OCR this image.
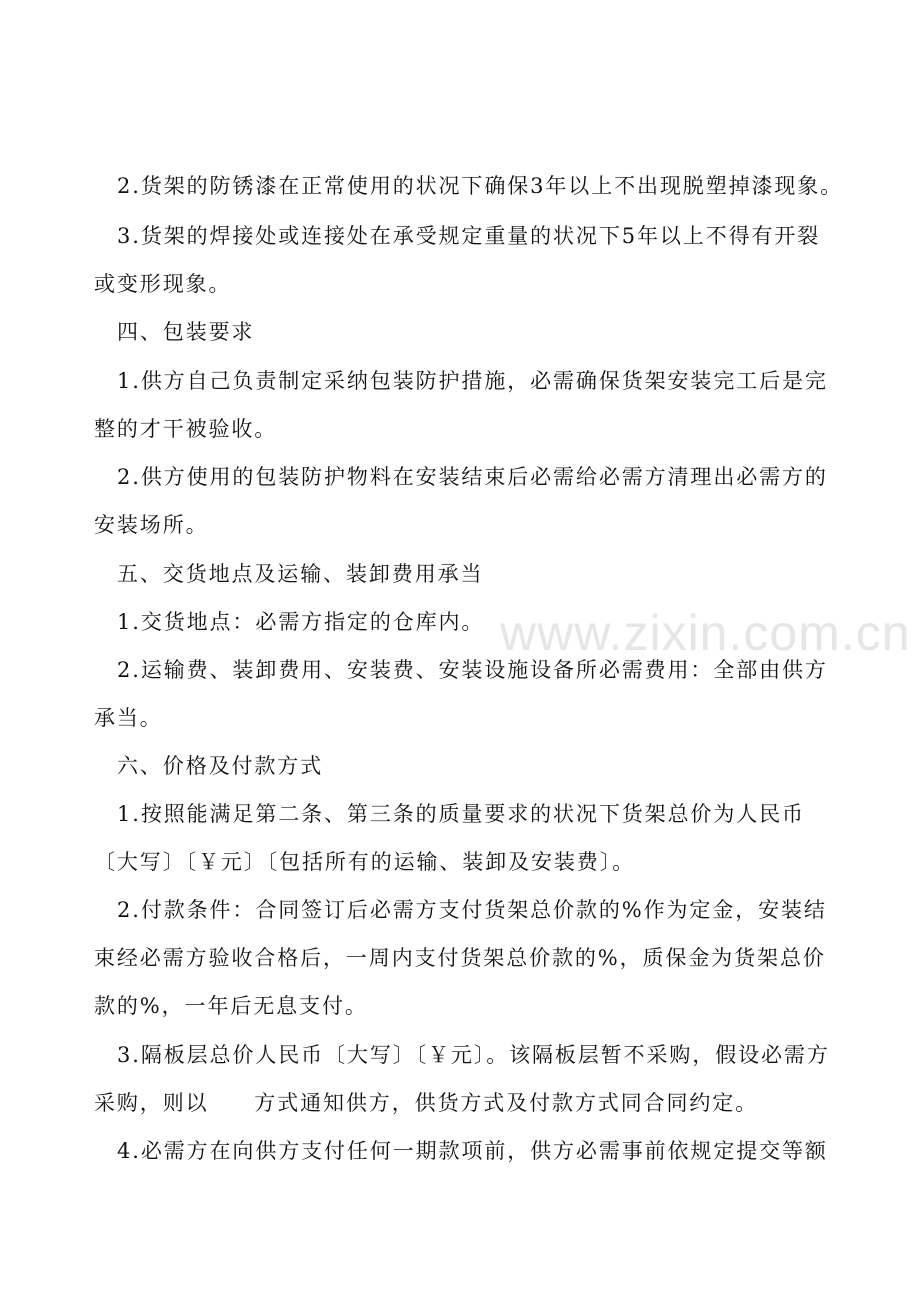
2.货架的防锈漆在正常使用的状况下确保3年以上不出现脱塑掉漆现象。
3.货架的焊接处或连接处在承受规定重量的状况下5年以上不得有开裂
或变形现象。
四、包装要求
1.供方自己负责制定采纳包装防护措施，必需确保货架安装完工后是完
整的才干被验收。
2.供方使用的包装防护物料在安装结束后必需给必需方清理出必需方的
安装场所。
五、交货地点及运输、装卸费用承当
1.交货地点：必需方指定的仓库内。
2.运输费、装卸费用、安装费、安装设施设备所必需费用：全部由供方
承当。
六、价格及付款方式
1.按照能满足第二条、第三条的质量要求的状况下货架总价为人民币
〔大写〕〔￥元〕〔包括所有的运输、装卸及安装费〕。
2.付款条件：合同签订后必需方支付货架总价款的%作为定金，安装结
束经必需方验收合格后，一周内支付货架总价款的%，质保金为货架总价
款的%，一年后无息支付。
3.隔板层总价人民币〔大写〕〔￥元〕。该隔板层暂不采购，假设必需方
采购，则以　　方式通知供方，供货方式及付款方式同合同约定。
4.必需方在向供方支付任何一期款项前，供方必需事前依规定提交等额
www.zixin.com.cn
